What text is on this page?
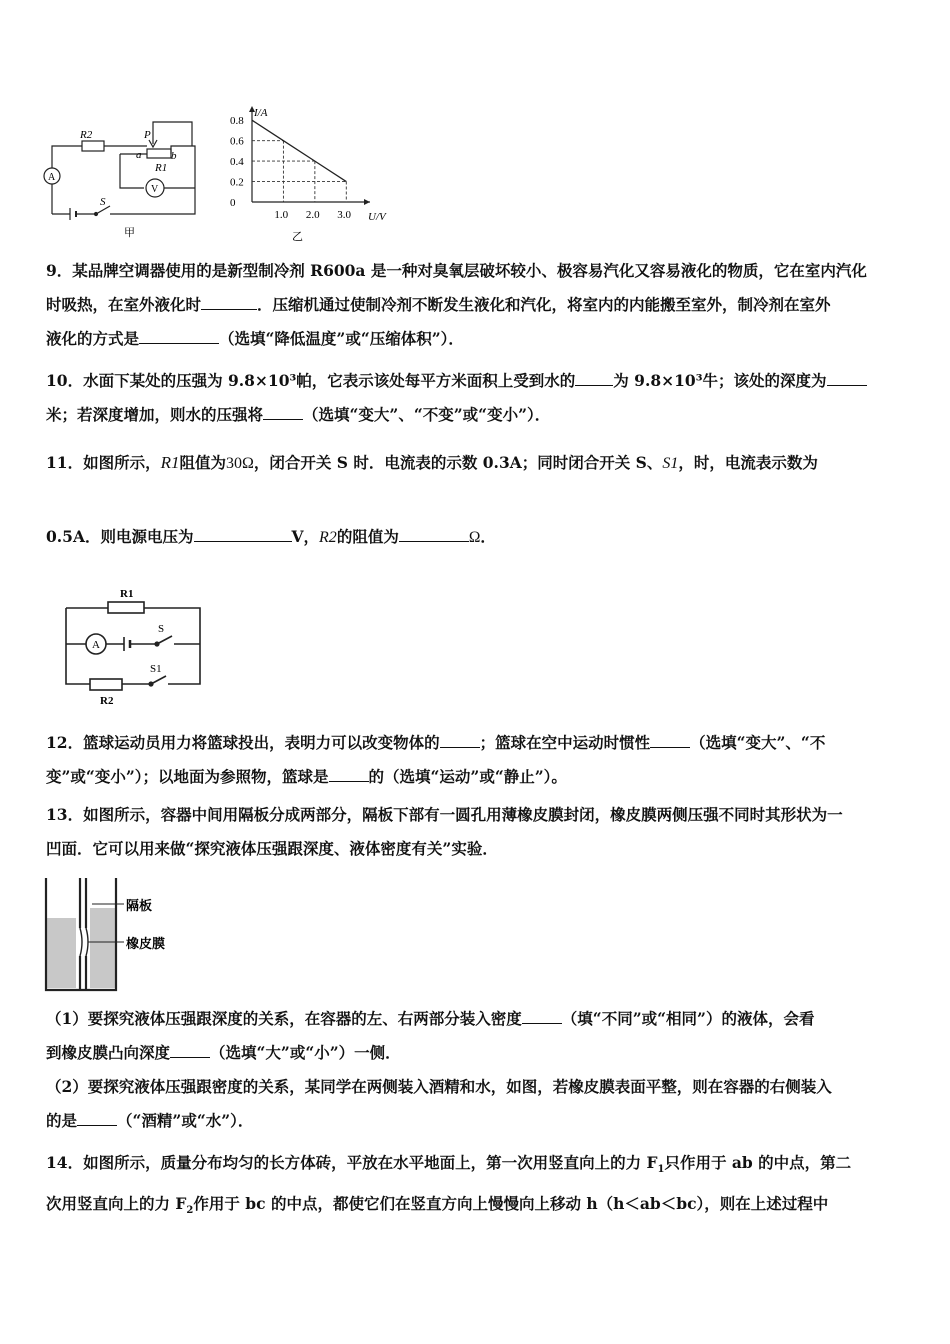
R2	P
a	b
R1
A
V
S
甲
I/A
U/V
乙
0.8
0.6
0.4
0.2
0
1.0 2.0 3.0
9．某品牌空调器使用的是新型制冷剂 R600a 是一种对臭氧层破坏较小、极容易汽化又容易液化的物质，它在室内汽化
时吸热，在室外液化时	．压缩机通过使制冷剂不断发生液化和汽化，将室内的内能搬至室外，制冷剂在室外
液化的方式是	（选填“降低温度”或“压缩体积”）．
10．水面下某处的压强为 9.8×10³帕，它表示该处每平方米面积上受到水的 为 9.8×10³牛；该处的深度为
米；若深度增加，则水的压强将	（选填“变大”、“不变”或“变小”）．
11．如图所示，R1阻值为30Ω，闭合开关 S 时．电流表的示数 0.3A；同时闭合开关 S、S1，时，电流表示数为
0.5A．则电源电压为	V，R2的阻值为	Ω．
R1
A
S
S1
R2
12．篮球运动员用力将篮球投出，表明力可以改变物体的	；篮球在空中运动时惯性	（选填“变大”、“不
变”或“变小”）；以地面为参照物，篮球是	的（选填“运动”或“静止”）。
13．如图所示，容器中间用隔板分成两部分，隔板下部有一圆孔用薄橡皮膜封闭，橡皮膜两侧压强不同时其形状为一
凹面．它可以用来做“探究液体压强跟深度、液体密度有关”实验．
隔板
橡皮膜
（1）要探究液体压强跟深度的关系，在容器的左、右两部分装入密度	（填“不同”或“相同”）的液体，会看
到橡皮膜凸向深度	（选填“大”或“小”）一侧．
（2）要探究液体压强跟密度的关系，某同学在两侧装入酒精和水，如图，若橡皮膜表面平整，则在容器的右侧装入
的是	（“酒精”或“水”）．
14．如图所示，质量分布均匀的长方体砖，平放在水平地面上，第一次用竖直向上的力 $F_1$只作用于 ab 的中点，第二
次用竖直向上的力 $F_2$作用于 bc 的中点，都使它们在竖直方向上慢慢向上移动 h（h＜ab＜bc），则在上述过程中
